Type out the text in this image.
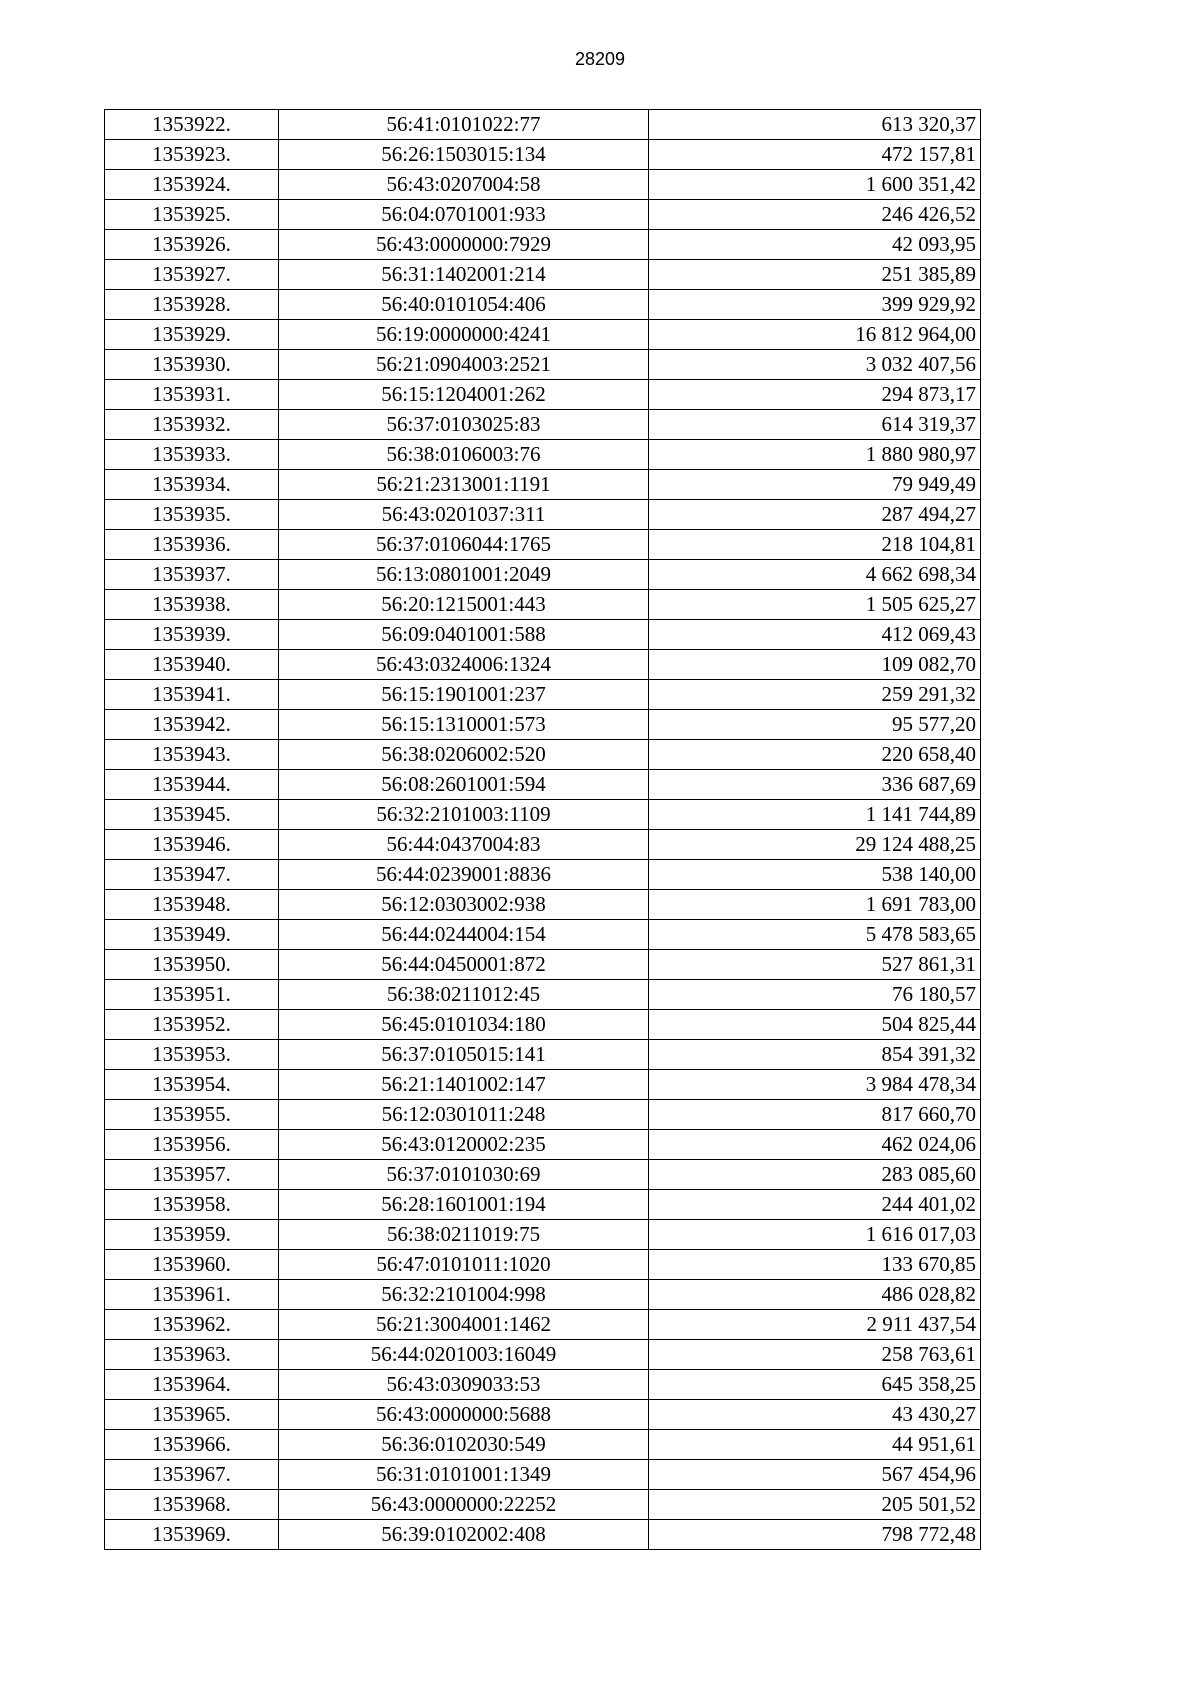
28209
1353922.	56:41:0101022:77	613 320,37
1353923.	56:26:1503015:134	472 157,81
1353924.	56:43:0207004:58	1 600 351,42
1353925.	56:04:0701001:933	246 426,52
1353926.	56:43:0000000:7929	42 093,95
1353927.	56:31:1402001:214	251 385,89
1353928.	56:40:0101054:406	399 929,92
1353929.	56:19:0000000:4241	16 812 964,00
1353930.	56:21:0904003:2521	3 032 407,56
1353931.	56:15:1204001:262	294 873,17
1353932.	56:37:0103025:83	614 319,37
1353933.	56:38:0106003:76	1 880 980,97
1353934.	56:21:2313001:1191	79 949,49
1353935.	56:43:0201037:311	287 494,27
1353936.	56:37:0106044:1765	218 104,81
1353937.	56:13:0801001:2049	4 662 698,34
1353938.	56:20:1215001:443	1 505 625,27
1353939.	56:09:0401001:588	412 069,43
1353940.	56:43:0324006:1324	109 082,70
1353941.	56:15:1901001:237	259 291,32
1353942.	56:15:1310001:573	95 577,20
1353943.	56:38:0206002:520	220 658,40
1353944.	56:08:2601001:594	336 687,69
1353945.	56:32:2101003:1109	1 141 744,89
1353946.	56:44:0437004:83	29 124 488,25
1353947.	56:44:0239001:8836	538 140,00
1353948.	56:12:0303002:938	1 691 783,00
1353949.	56:44:0244004:154	5 478 583,65
1353950.	56:44:0450001:872	527 861,31
1353951.	56:38:0211012:45	76 180,57
1353952.	56:45:0101034:180	504 825,44
1353953.	56:37:0105015:141	854 391,32
1353954.	56:21:1401002:147	3 984 478,34
1353955.	56:12:0301011:248	817 660,70
1353956.	56:43:0120002:235	462 024,06
1353957.	56:37:0101030:69	283 085,60
1353958.	56:28:1601001:194	244 401,02
1353959.	56:38:0211019:75	1 616 017,03
1353960.	56:47:0101011:1020	133 670,85
1353961.	56:32:2101004:998	486 028,82
1353962.	56:21:3004001:1462	2 911 437,54
1353963.	56:44:0201003:16049	258 763,61
1353964.	56:43:0309033:53	645 358,25
1353965.	56:43:0000000:5688	43 430,27
1353966.	56:36:0102030:549	44 951,61
1353967.	56:31:0101001:1349	567 454,96
1353968.	56:43:0000000:22252	205 501,52
1353969.	56:39:0102002:408	798 772,48
